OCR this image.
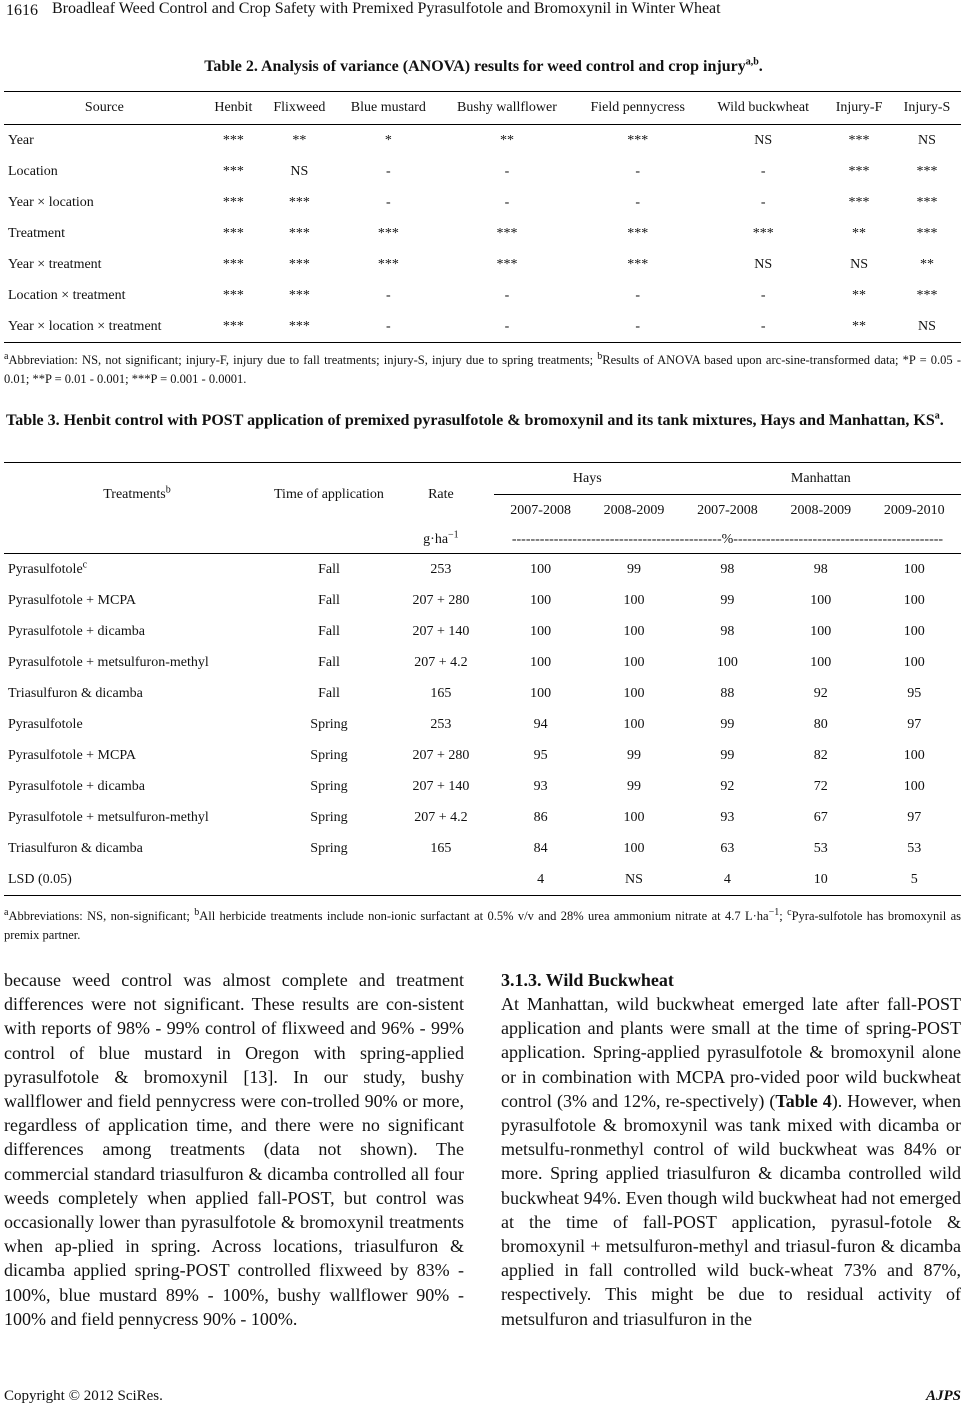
1616 Broadleaf Weed Control and Crop Safety with Premixed Pyrasulfotole and Bromoxynil in Winter Wheat
Table 2. Analysis of variance (ANOVA) results for weed control and crop injury$^{a,b}$.
Source	Henbit	Flixweed	Blue mustard	Bushy wallflower	Field pennycress	Wild buckwheat	Injury-F	Injury-S
Year	***	**	*	**	***	NS	***	NS
Location	***	NS	-	-	-	-	***	***
Year × location	***	***	-	-	-	-	***	***
Treatment	***	***	***	***	***	***	**	***
Year × treatment	***	***	***	***	***	NS	NS	**
Location × treatment	***	***	-	-	-	-	**	***
Year × location × treatment	***	***	-	-	-	-	**	NS
$^a$Abbreviation: NS, not significant; injury-F, injury due to fall treatments; injury-S, injury due to spring treatments; $^b$Results of ANOVA based upon arc-sine-transformed data; *P = 0.05 - 0.01; **P = 0.01 - 0.001; ***P = 0.001 - 0.0001.
Table 3. Henbit control with POST application of premixed pyrasulfotole & bromoxynil and its tank mixtures, Hays and Manhattan, $KS^a$.
Treatments$^b$	Time of application	Rate	Hays		Manhattan		
			2007-2008	2008-2009	2007-2008	2008-2009	2009-2010
		$g\cdot ha^{-1}$	---------------------------------------------%---------------------------------------------				
Pyrasulfotole$^c$	Fall	253	100	99	98	98	100
Pyrasulfotole + MCPA	Fall	207 + 280	100	100	99	100	100
Pyrasulfotole + dicamba	Fall	207 + 140	100	100	98	100	100
Pyrasulfotole + metsulfuron-methyl	Fall	207 + 4.2	100	100	100	100	100
Triasulfuron & dicamba	Fall	165	100	100	88	92	95
Pyrasulfotole	Spring	253	94	100	99	80	97
Pyrasulfotole + MCPA	Spring	207 + 280	95	99	99	82	100
Pyrasulfotole + dicamba	Spring	207 + 140	93	99	92	72	100
Pyrasulfotole + metsulfuron-methyl	Spring	207 + 4.2	86	100	93	67	97
Triasulfuron & dicamba	Spring	165	84	100	63	53	53
LSD (0.05)			4	NS	4	10	5
$^a$Abbreviations: NS, non-significant; $^b$All herbicide treatments include non-ionic surfactant at 0.5% v/v and 28% urea ammonium nitrate at 4.7 $L\cdot ha^{-1}$; $^c$Pyra-sulfotole has bromoxynil as premix partner.

because weed control was almost complete and treatment differences were not significant. These results are con-sistent with reports of 98% - 99% control of flixweed and 96% - 99% control of blue mustard in Oregon with spring-applied pyrasulfotole & bromoxynil [13]. In our study, bushy wallflower and field pennycress were con-trolled 90% or more, regardless of application time, and there were no significant differences among treatments (data not shown). The commercial standard triasulfuron & dicamba controlled all four weeds completely when applied fall-POST, but control was occasionally lower than pyrasulfotole & bromoxynil treatments when ap-plied in spring. Across locations, triasulfuron & dicamba applied spring-POST controlled flixweed by 83% - 100%, blue mustard 89% - 100%, bushy wallflower 90% - 100% and field pennycress 90% - 100%.

3.1.3. Wild Buckwheat

At Manhattan, wild buckwheat emerged late after fall-POST application and plants were small at the time of spring-POST application. Spring-applied pyrasulfotole & bromoxynil alone or in combination with MCPA pro-vided poor wild buckwheat control (3% and 12%, re-spectively) (Table 4). However, when pyrasulfotole & bromoxynil was tank mixed with dicamba or metsulfu-ronmethyl control of wild buckwheat was 84% or more. Spring applied triasulfuron & dicamba controlled wild buckwheat 94%. Even though wild buckwheat had not emerged at the time of fall-POST application, pyrasul-fotole & bromoxynil + metsulfuron-methyl and triasul-furon & dicamba applied in fall controlled wild buck-wheat 73% and 87%, respectively. This might be due to residual activity of metsulfuron and triasulfuron in the

Copyright © 2012 SciRes.	AJPS
